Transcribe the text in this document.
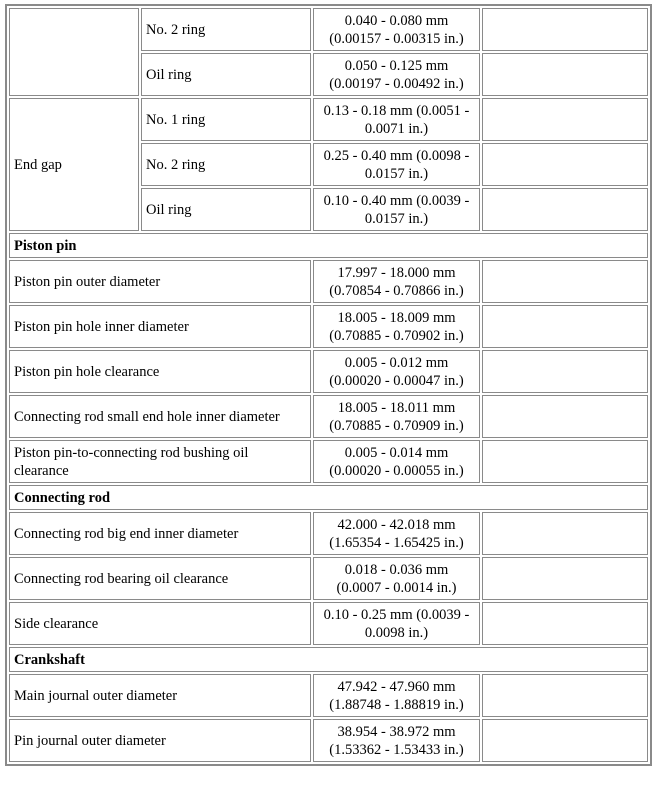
	No. 2 ring	0.040 - 0.080 mm
(0.00157 - 0.00315 in.)	
	Oil ring	0.050 - 0.125 mm
(0.00197 - 0.00492 in.)	
End gap	No. 1 ring	0.13 - 0.18 mm (0.0051 -
0.0071 in.)	
	No. 2 ring	0.25 - 0.40 mm (0.0098 -
0.0157 in.)	
	Oil ring	0.10 - 0.40 mm (0.0039 -
0.0157 in.)	
Piston pin			
Piston pin outer diameter		17.997 - 18.000 mm
(0.70854 - 0.70866 in.)	
Piston pin hole inner diameter		18.005 - 18.009 mm
(0.70885 - 0.70902 in.)	
Piston pin hole clearance		0.005 - 0.012 mm
(0.00020 - 0.00047 in.)	
Connecting rod small end hole inner diameter		18.005 - 18.011 mm
(0.70885 - 0.70909 in.)	
Piston pin-to-connecting rod bushing oil
clearance		0.005 - 0.014 mm
(0.00020 - 0.00055 in.)	
Connecting rod			
Connecting rod big end inner diameter		42.000 - 42.018 mm
(1.65354 - 1.65425 in.)	
Connecting rod bearing oil clearance		0.018 - 0.036 mm
(0.0007 - 0.0014 in.)	
Side clearance		0.10 - 0.25 mm (0.0039 -
0.0098 in.)	
Crankshaft			
Main journal outer diameter		47.942 - 47.960 mm
(1.88748 - 1.88819 in.)	
Pin journal outer diameter		38.954 - 38.972 mm
(1.53362 - 1.53433 in.)	
